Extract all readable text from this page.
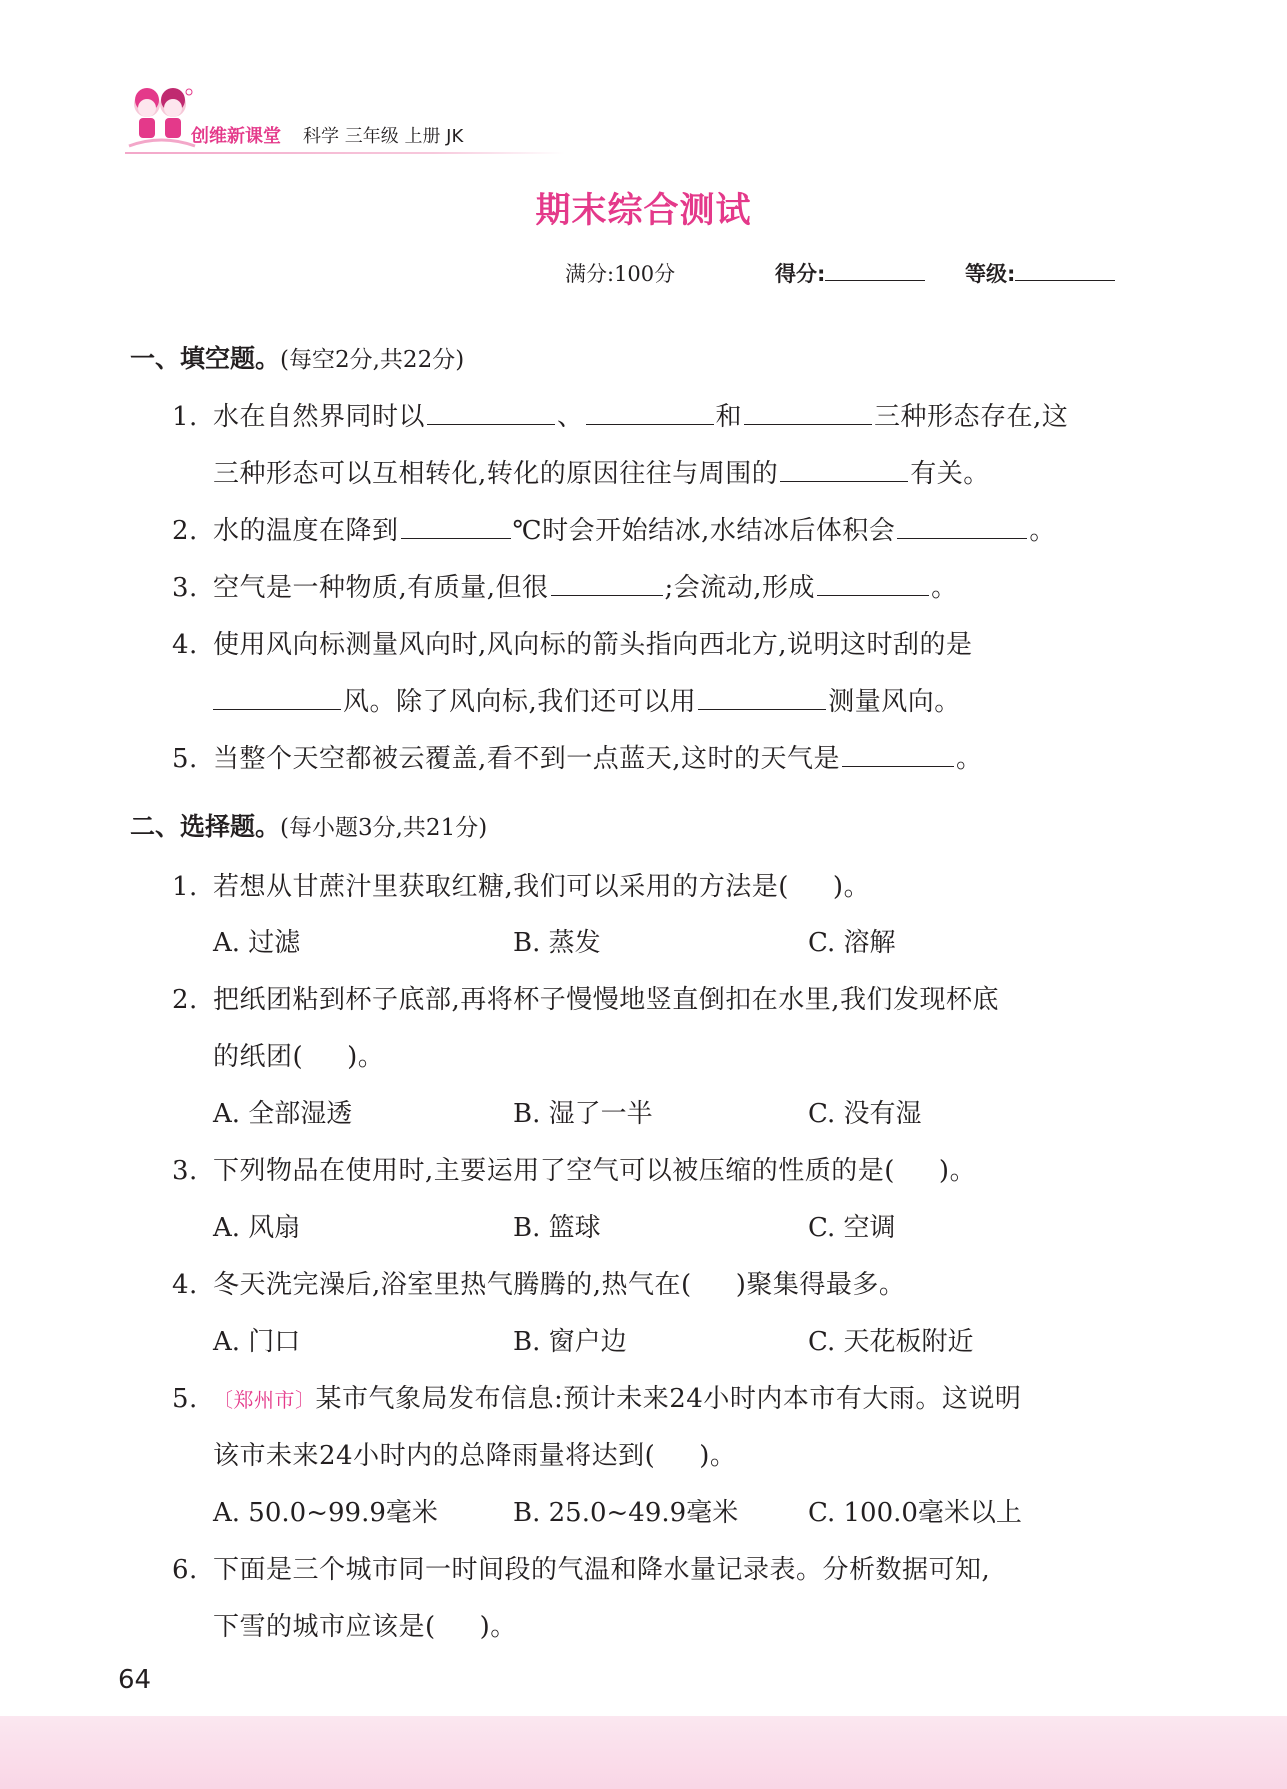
创维新课堂 科学 三年级 上册 JK
期末综合测试
满分:100分	得分:	等级:
一、填空题。(每空2分,共22分)
1. 水在自然界同时以	、	和	三种形态存在,这
三种形态可以互相转化,转化的原因往往与周围的	有关。
2. 水的温度在降到	℃时会开始结冰,水结冰后体积会	。
3. 空气是一种物质,有质量,但很	;会流动,形成	。
4. 使用风向标测量风向时,风向标的箭头指向西北方,说明这时刮的是
风。除了风向标,我们还可以用	测量风向。
5. 当整个天空都被云覆盖,看不到一点蓝天,这时的天气是	。
二、选择题。(每小题3分,共21分)
1. 若想从甘蔗汁里获取红糖,我们可以采用的方法是( )。
A. 过滤	B. 蒸发	C. 溶解
2. 把纸团粘到杯子底部,再将杯子慢慢地竖直倒扣在水里,我们发现杯底
的纸团( )。
A. 全部湿透	B. 湿了一半	C. 没有湿
3. 下列物品在使用时,主要运用了空气可以被压缩的性质的是( )。
A. 风扇	B. 篮球	C. 空调
4. 冬天洗完澡后,浴室里热气腾腾的,热气在( )聚集得最多。
A. 门口	B. 窗户边	C. 天花板附近
5. 〔郑州市〕某市气象局发布信息:预计未来24小时内本市有大雨。这说明
该市未来24小时内的总降雨量将达到( )。
A. 50.0~99.9毫米	B. 25.0~49.9毫米	C. 100.0毫米以上
6. 下面是三个城市同一时间段的气温和降水量记录表。分析数据可知,
下雪的城市应该是( )。
64
